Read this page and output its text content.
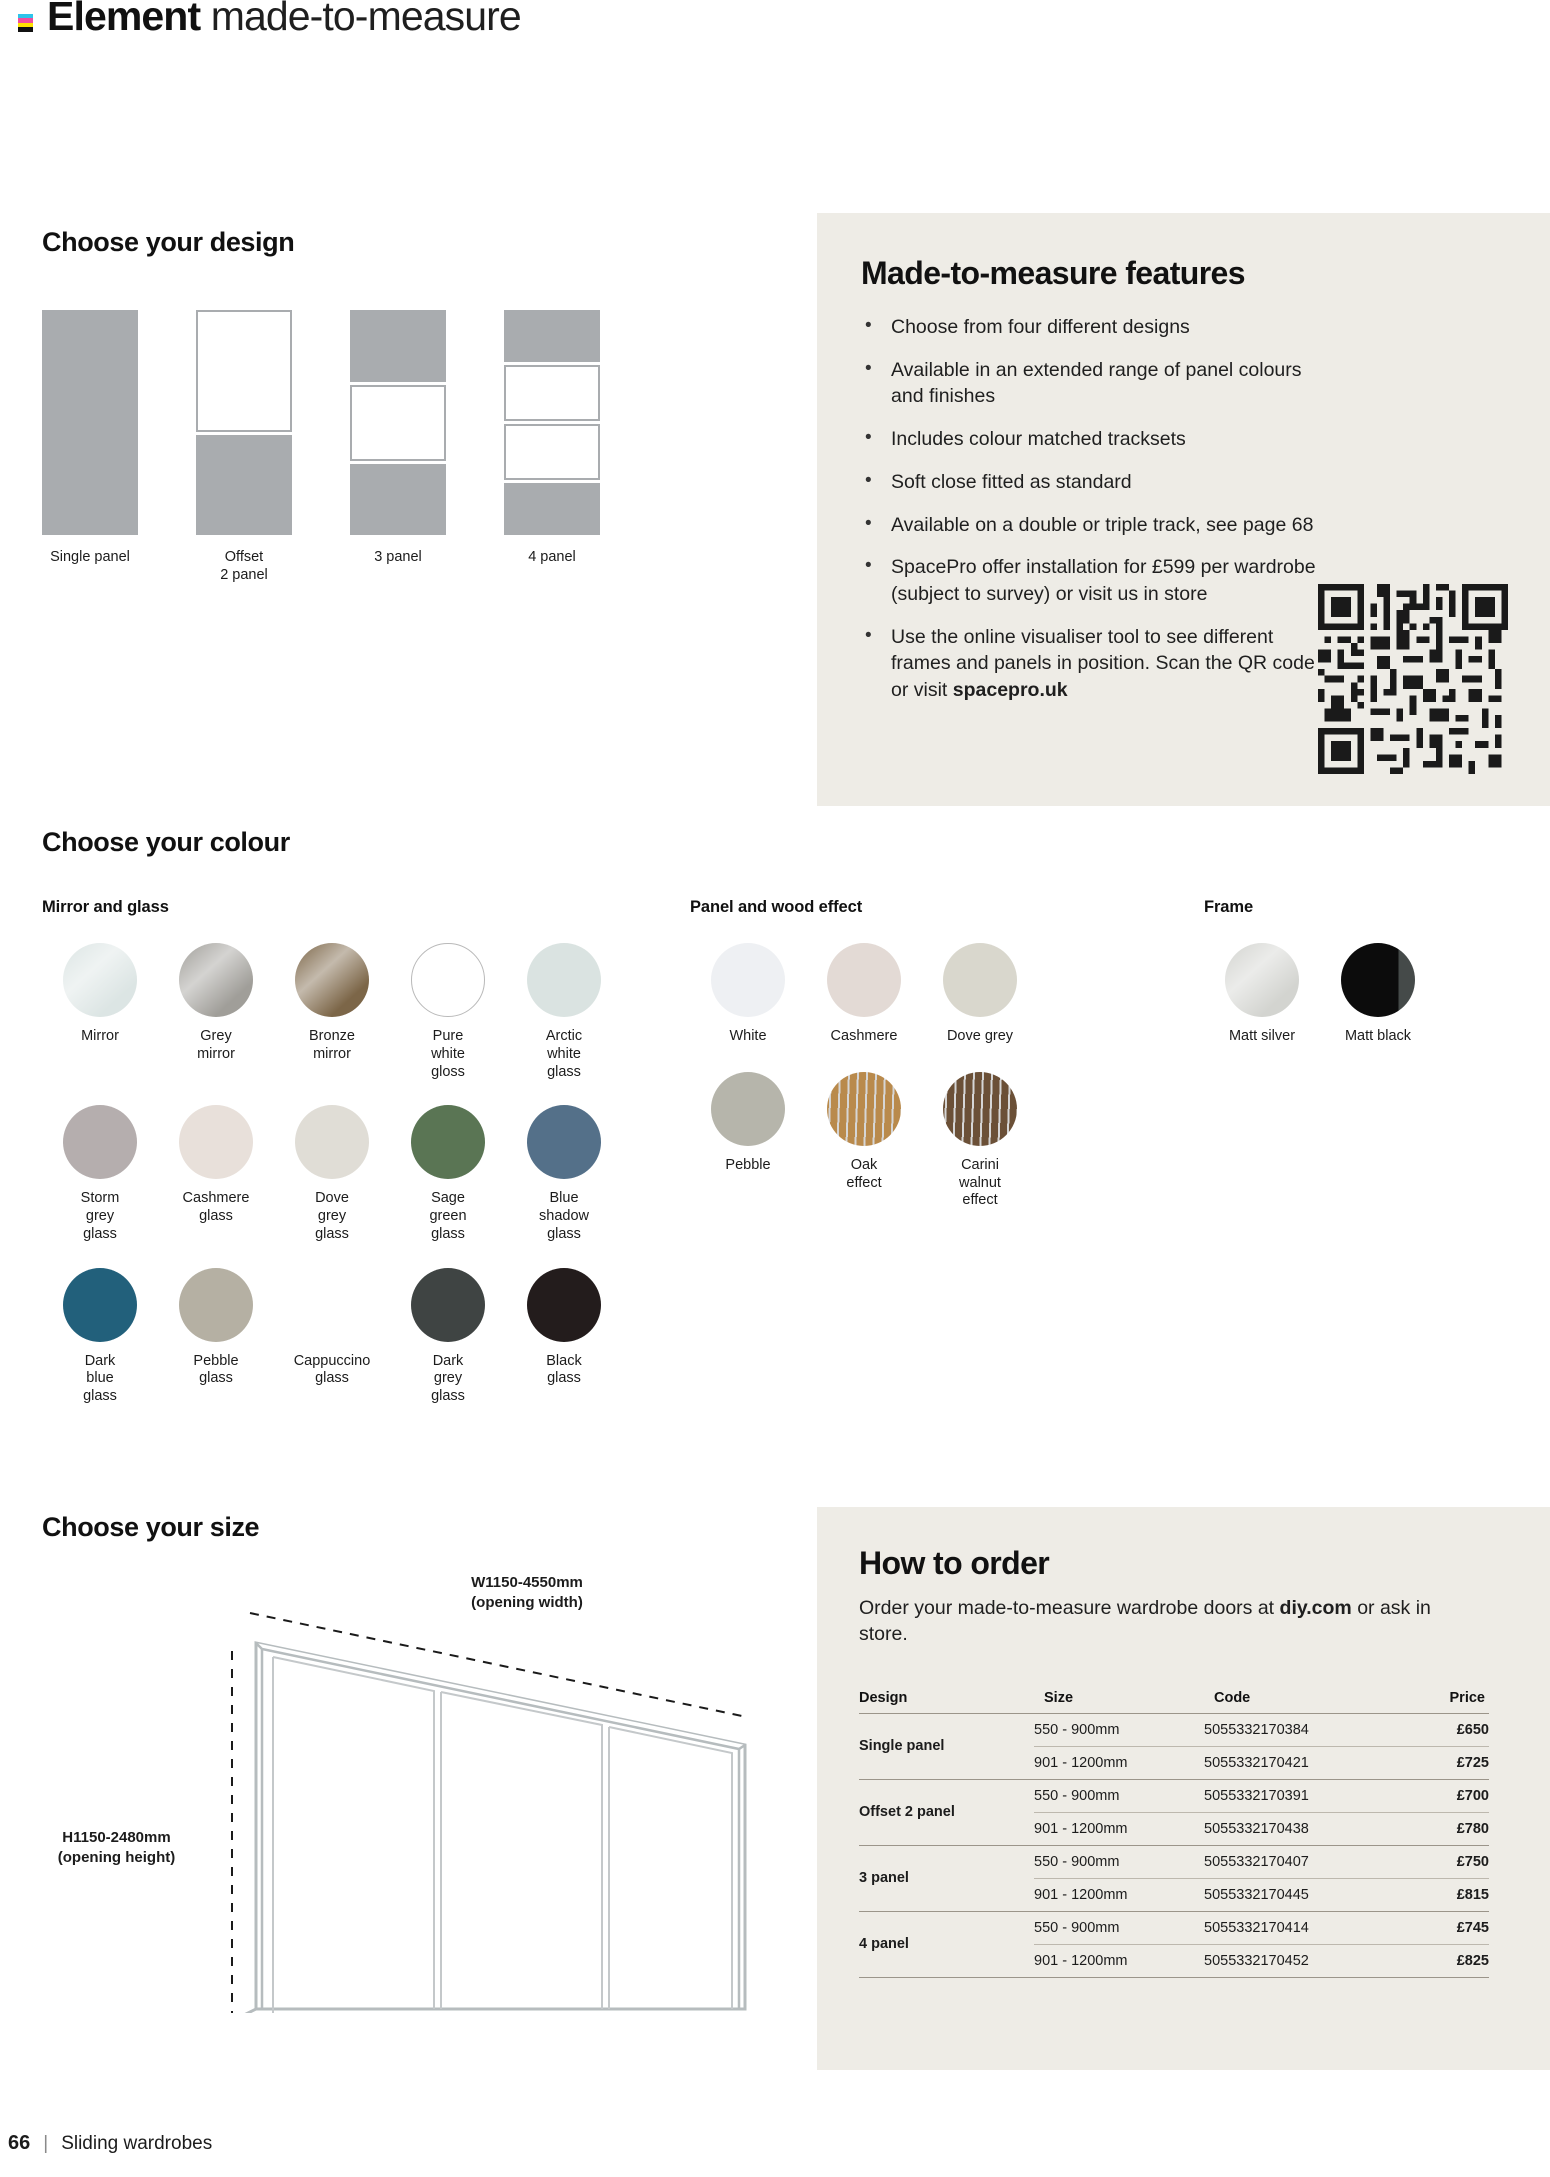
Element made-to-measure
Choose your design
Single panel	Offset
2 panel
3 panel	4 panel
Made-to-measure features
• Choose from four different designs
• Available in an extended range of panel colours and finishes
• Includes colour matched tracksets
• Soft close fitted as standard
• Available on a double or triple track, see page 68
• SpacePro offer installation for £599 per wardrobe (subject to survey) or visit us in store
• Use the online visualiser tool to see different frames and panels in position. Scan the QR code or visit spacepro.uk
Choose your colour
Mirror and glass
Mirror	Grey
mirror
Bronze
mirror
Pure
white
gloss
Arctic
white
glass
Storm
grey
glass
Cashmere
glass
Dove
grey
glass
Sage
green
glass
Blue
shadow
glass
Dark
blue
glass
Pebble
glass
Cappuccino
glass
Dark
grey
glass
Black
glass
Panel and wood effect
White	Cashmere	Dove grey
Pebble	Oak
effect
Carini
walnut
effect
Frame
Matt silver	Matt black
Choose your size
W1150-4550mm
(opening width)
H1150-2480mm
(opening height)
How to order

Order your made-to-measure wardrobe doors at diy.com or ask in store.

Design	Size	Code	Price
Single panel	550 - 900mm	5055332170384	£650
	901 - 1200mm	5055332170421	£725
Offset 2 panel	550 - 900mm	5055332170391	£700
	901 - 1200mm	5055332170438	£780
3 panel	550 - 900mm	5055332170407	£750
	901 - 1200mm	5055332170445	£815
4 panel	550 - 900mm	5055332170414	£745
	901 - 1200mm	5055332170452	£825

66 | Sliding wardrobes
